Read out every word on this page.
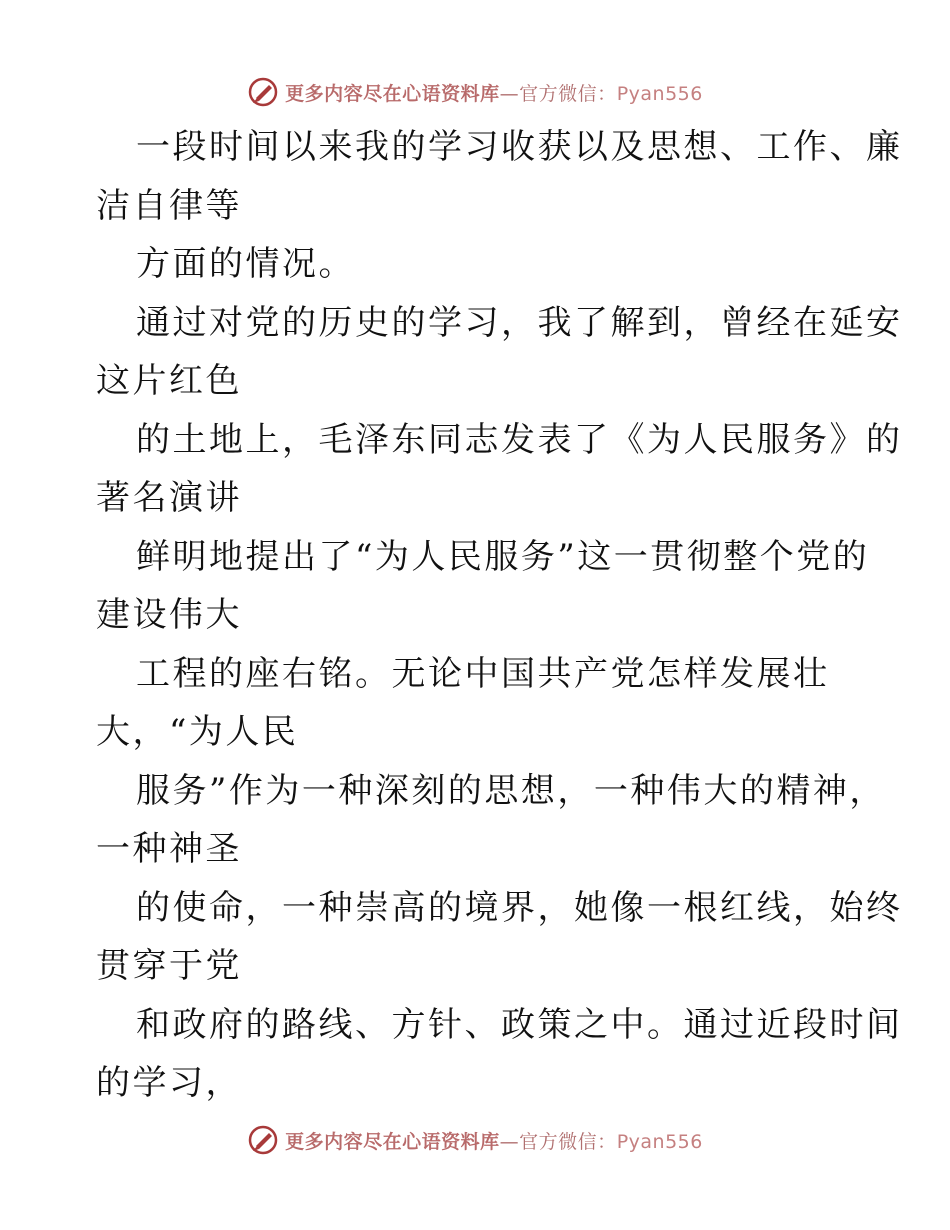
更多内容尽在心语资料库—官方微信：Pyan556
一段时间以来我的学习收获以及思想、工作、廉
洁自律等
方面的情况。
通过对党的历史的学习，我了解到，曾经在延安
这片红色
的土地上，毛泽东同志发表了《为人民服务》的
著名演讲
鲜明地提出了“为人民服务”这一贯彻整个党的
建设伟大
工程的座右铭。无论中国共产党怎样发展壮
大，“为人民
服务”作为一种深刻的思想，一种伟大的精神，
一种神圣
的使命，一种崇高的境界，她像一根红线，始终
贯穿于党
和政府的路线、方针、政策之中。通过近段时间
的学习，
更多内容尽在心语资料库—官方微信：Pyan556
